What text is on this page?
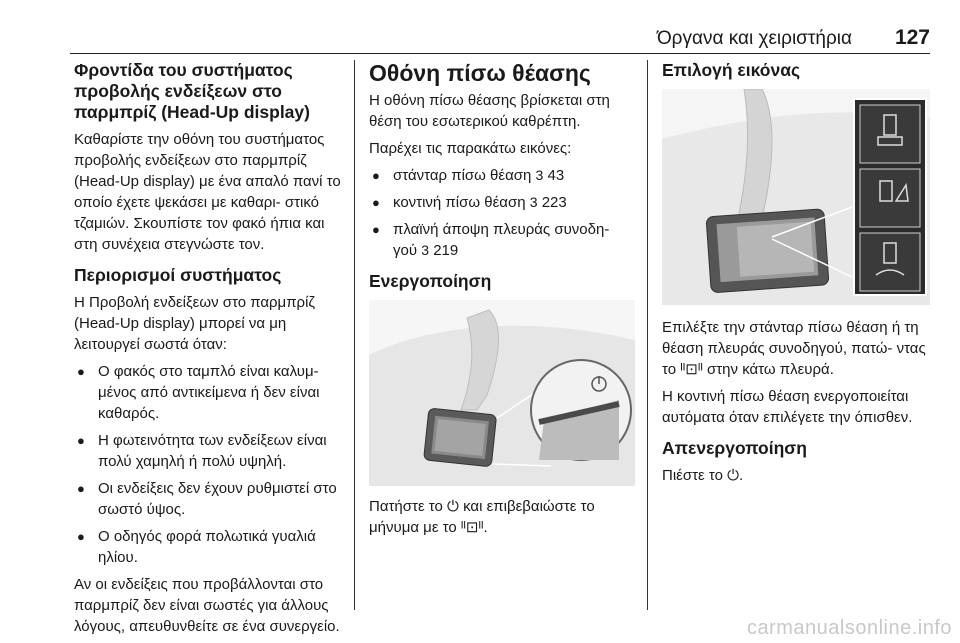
Όργανα και χειριστήρια 127
Φροντίδα του συστήματος προβολής ενδείξεων στο παρμπρίζ (Head-Up display)

Καθαρίστε την οθόνη του συστήματος προβολής ενδείξεων στο παρμπρίζ (Head-Up display) με ένα απαλό πανί το οποίο έχετε ψεκάσει με καθαρι- στικό τζαμιών. Σκουπίστε τον φακό ήπια και στη συνέχεια στεγνώστε τον.

Περιορισμοί συστήματος

Η Προβολή ενδείξεων στο παρμπρίζ (Head-Up display) μπορεί να μη λειτουργεί σωστά όταν:

● Ο φακός στο ταμπλό είναι καλυμ- μένος από αντικείμενα ή δεν είναι καθαρός.
● Η φωτεινότητα των ενδείξεων είναι πολύ χαμηλή ή πολύ υψηλή.
● Οι ενδείξεις δεν έχουν ρυθμιστεί στο σωστό ύψος.
● Ο οδηγός φορά πολωτικά γυαλιά ηλίου.

Αν οι ενδείξεις που προβάλλονται στο παρμπρίζ δεν είναι σωστές για άλλους λόγους, απευθυνθείτε σε ένα συνεργείο.

Οθόνη πίσω θέασης

Η οθόνη πίσω θέασης βρίσκεται στη θέση του εσωτερικού καθρέπτη.

Παρέχει τις παρακάτω εικόνες:

● στάνταρ πίσω θέαση 3 43
● κοντινή πίσω θέαση 3 223
● πλαϊνή άποψη πλευράς συνοδη- γού 3 219
Ενεργοποίηση

Πατήστε το ⏻ και επιβεβαιώστε το μήνυμα με το ᴵᴵ⊡ᴵᴵ.

Επιλογή εικόνας

Επιλέξτε την στάνταρ πίσω θέαση ή τη θέαση πλευράς συνοδηγού, πατώ- ντας το ᴵᴵ⊡ᴵᴵ στην κάτω πλευρά.

Η κοντινή πίσω θέαση ενεργοποιείται αυτόματα όταν επιλέγετε την όπισθεν.

Απενεργοποίηση

Πιέστε το ⏻.

carmanualsonline.info
